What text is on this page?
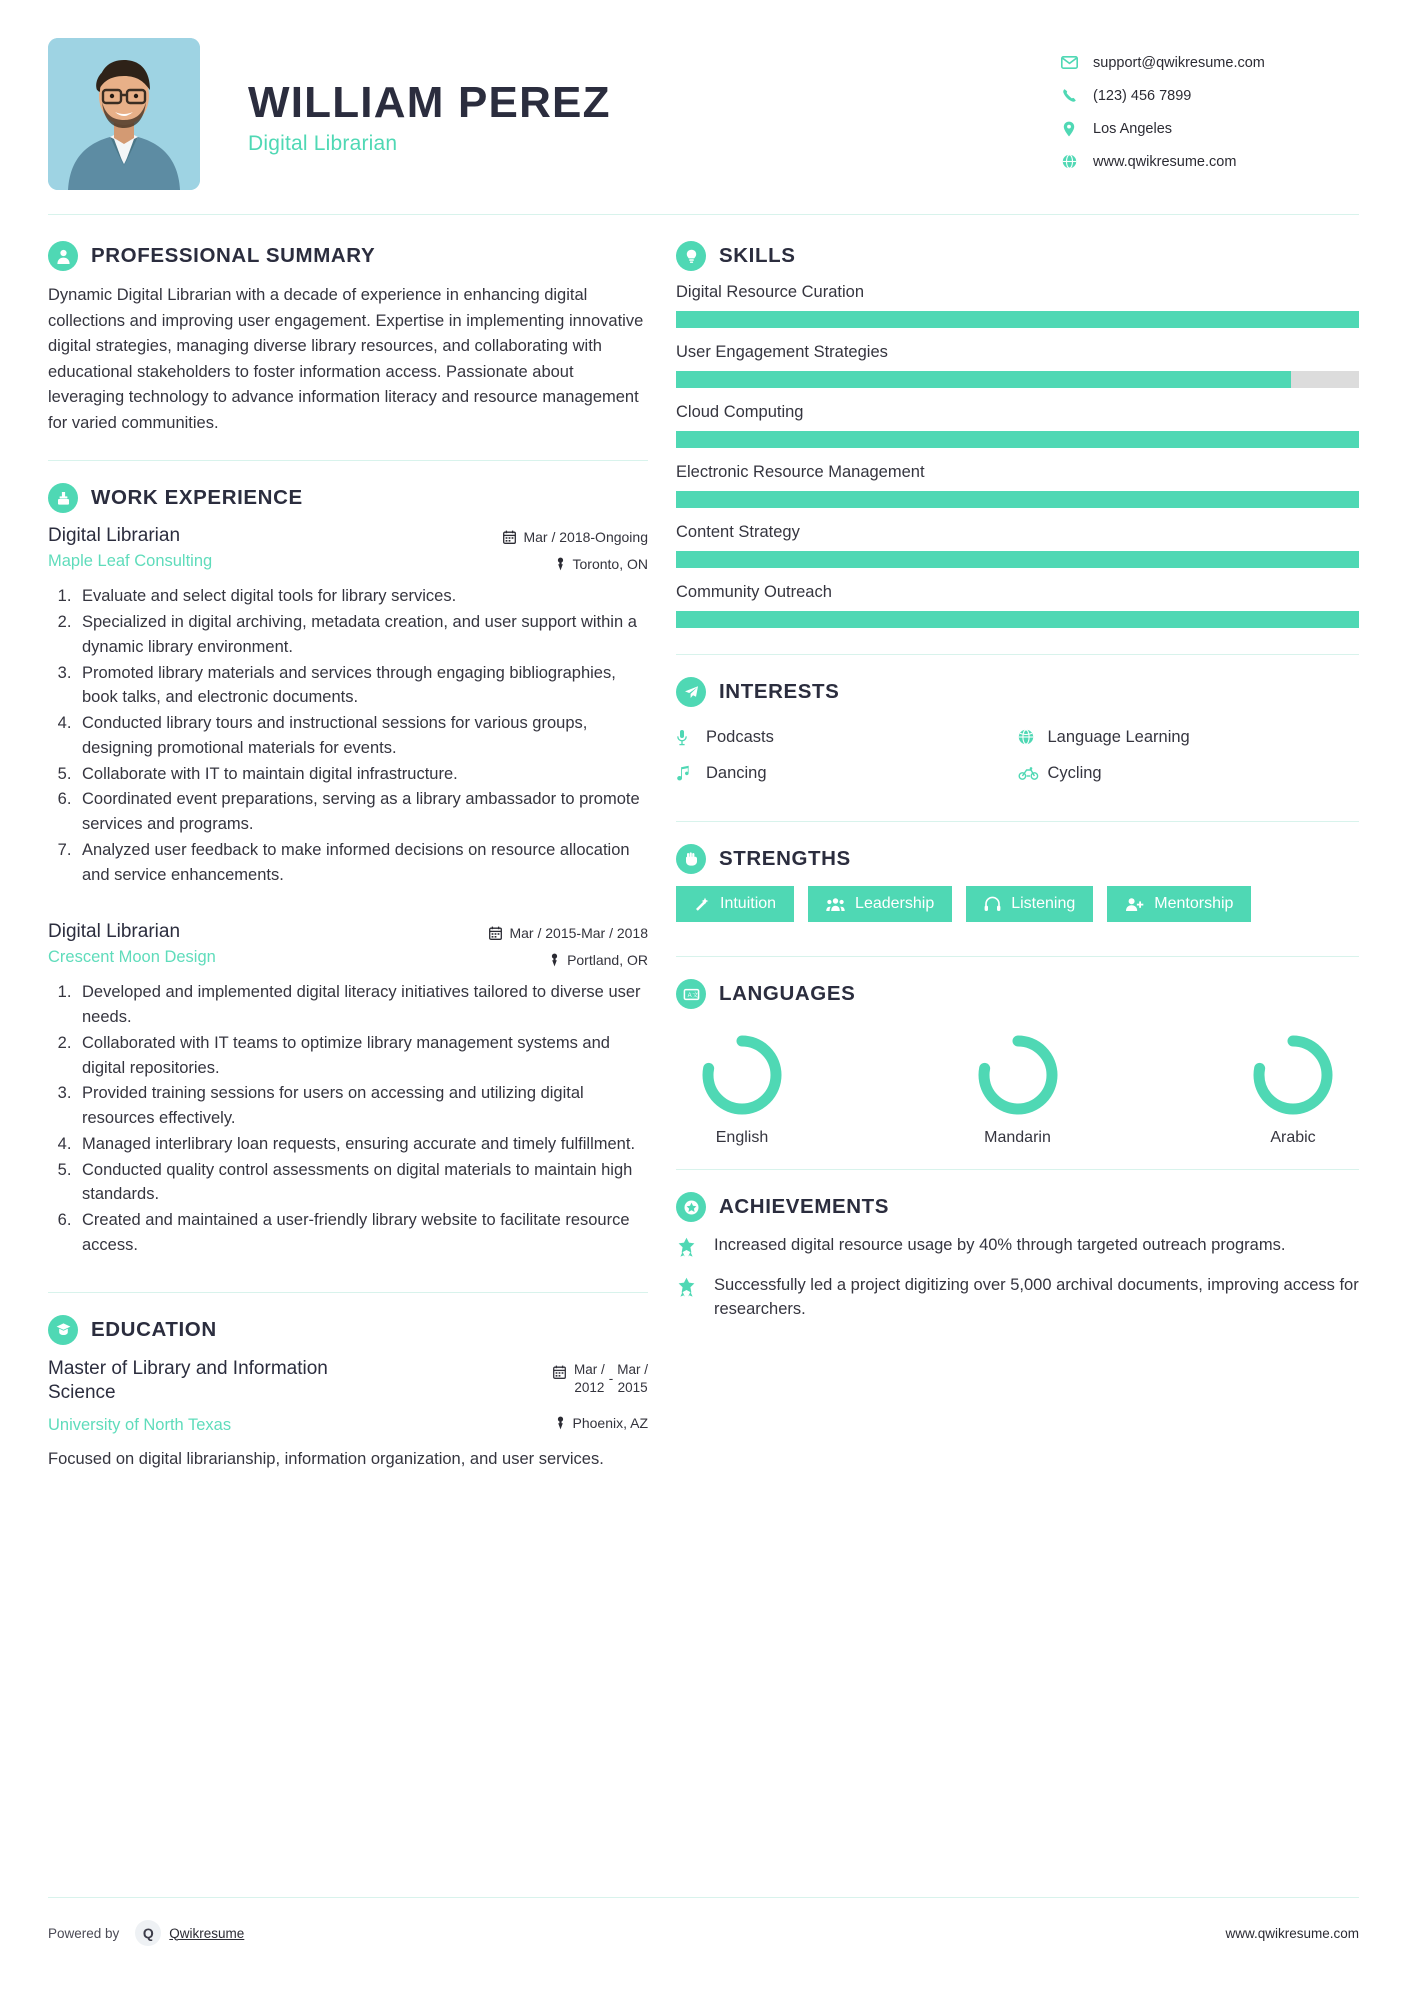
WILLIAM PEREZ
Digital Librarian
support@qwikresume.com
(123) 456 7899
Los Angeles
www.qwikresume.com
PROFESSIONAL SUMMARY
Dynamic Digital Librarian with a decade of experience in enhancing digital collections and improving user engagement. Expertise in implementing innovative digital strategies, managing diverse library resources, and collaborating with educational stakeholders to foster information access. Passionate about leveraging technology to advance information literacy and resource management for varied communities.
WORK EXPERIENCE
Digital Librarian
Maple Leaf Consulting
Mar / 2018-Ongoing
Toronto, ON
1. Evaluate and select digital tools for library services.
2. Specialized in digital archiving, metadata creation, and user support within a dynamic library environment.
3. Promoted library materials and services through engaging bibliographies, book talks, and electronic documents.
4. Conducted library tours and instructional sessions for various groups, designing promotional materials for events.
5. Collaborate with IT to maintain digital infrastructure.
6. Coordinated event preparations, serving as a library ambassador to promote services and programs.
7. Analyzed user feedback to make informed decisions on resource allocation and service enhancements.
Digital Librarian
Crescent Moon Design
Mar / 2015-Mar / 2018
Portland, OR
1. Developed and implemented digital literacy initiatives tailored to diverse user needs.
2. Collaborated with IT teams to optimize library management systems and digital repositories.
3. Provided training sessions for users on accessing and utilizing digital resources effectively.
4. Managed interlibrary loan requests, ensuring accurate and timely fulfillment.
5. Conducted quality control assessments on digital materials to maintain high standards.
6. Created and maintained a user-friendly library website to facilitate resource access.
EDUCATION
Master of Library and Information Science
University of North Texas
Mar /
2012
-
Mar /
2015
Phoenix, AZ
Focused on digital librarianship, information organization, and user services.
SKILLS
Digital Resource Curation
User Engagement Strategies
Cloud Computing
Electronic Resource Management
Content Strategy
Community Outreach
INTERESTS
Podcasts	Language Learning
Dancing	Cycling
STRENGTHS
Intuition	Leadership	Listening	Mentorship
A 文 LANGUAGES
English	Mandarin	Arabic
ACHIEVEMENTS
Increased digital resource usage by 40% through targeted outreach programs.
Successfully led a project digitizing over 5,000 archival documents, improving access for researchers.
Powered by	Q	Qwikresume	www.qwikresume.com
